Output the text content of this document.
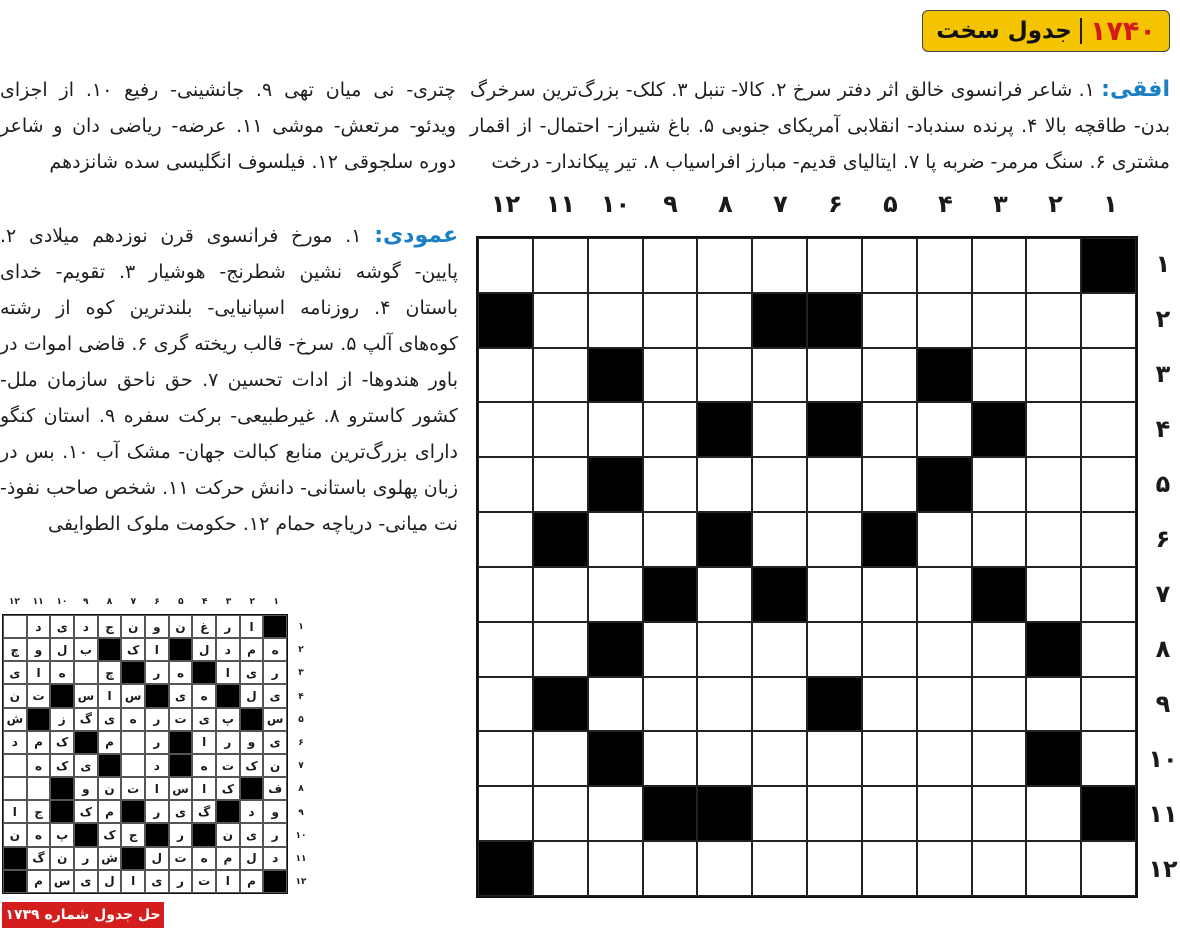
جدول سخت ۱۷۴۰
افقی: ۱. شاعر فرانسوی خالق اثر دفتر سرخ ۲. کالا- تنبل ۳. کلک- بزرگ‌ترین سرخرگ بدن- طاقچه بالا ۴. پرنده سندباد- انقلابی آمریکای جنوبی ۵. باغ شیراز- احتمال- از اقمار مشتری ۶. سنگ مرمر- ضربه پا ۷. ایتالیای قدیم- مبارز افراسیاب ۸. تیر پیکاندار- درخت
چتری- نی میان تهی ۹. جانشینی- رفیع ۱۰. از اجزای ویدئو- مرتعش- موشی ۱۱. عرضه- ریاضی دان و شاعر دوره سلجوقی ۱۲. فیلسوف انگلیسی سده شانزدهم
عمودی: ۱. مورخ فرانسوی قرن نوزدهم میلادی ۲. پایین- گوشه نشین شطرنج- هوشیار ۳. تقویم- خدای باستان ۴. روزنامه اسپانیایی- بلندترین کوه از رشته کوه‌های آلپ ۵. سرخ- قالب ریخته گری ۶. قاضی اموات در باور هندوها- از ادات تحسین ۷. حق ناحق سازمان ملل- کشور کاسترو ۸. غیرطبیعی- برکت سفره ۹. استان کنگو دارای بزرگ‌ترین منابع کبالت جهان- مشک آب ۱۰. بس در زبان پهلوی باستانی- دانش حرکت ۱۱. شخص صاحب نفوذ- نت میانی- دریاچه حمام ۱۲. حکومت ملوک الطوایفی
۱
۲
۳
۴
۵
۶
۷
۸
۹
۱۰
۱۱
۱۲
۱
۲
۳
۴
۵
۶
۷
۸
۹
۱۰
۱۱
۱۲
۱
۲
۳
۴
۵
۶
۷
۸
۹
۱۰
۱۱
۱۲
۱
۲
۳
۴
۵
۶
۷
۸
۹
۱۰
۱۱
۱۲
ا
ر
غ
ن
و
ن
ج
د
ی
د
ه
م
د
ل
ا
ک
ب
ل
و
چ
ر
ی
ا
ه
ر
چ
ه
ا
ی
ی
ل
ه
ی
س
ا
س
ت
ن
س
پ
ی
ت
ر
ه
ی
گ
ز
ش
ی
و
ر
ا
ر
م
ک
م
د
ن
ک
ت
ه
د
ی
ک
ه
ف
ک
ا
س
ا
ت
ن
و
و
د
گ
ی
ر
م
ک
ج
ا
ر
ی
ن
ر
ج
ک
پ
ه
ن
د
ل
م
ه
ت
ل
ش
ر
ن
گ
م
ا
ت
ر
ی
ا
ل
ی
س
م
حل جدول شماره ۱۷۳۹
